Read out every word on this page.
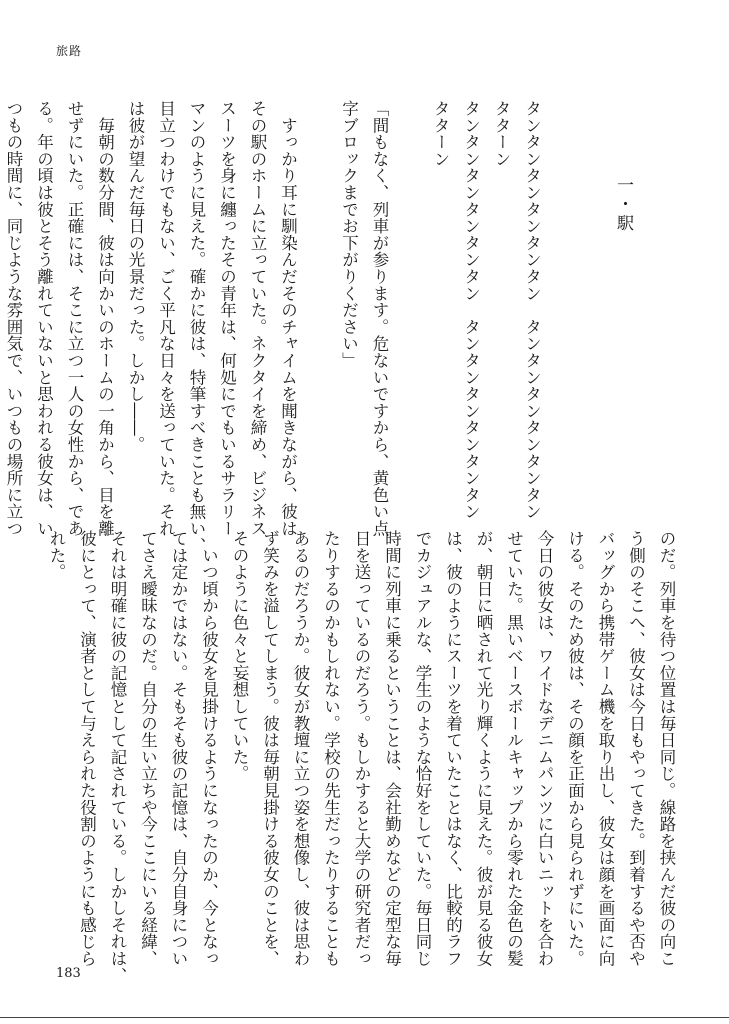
旅路

　　　　一・駅

タンタンタンタンタンタン　タンタンタンタンタンタン
タターン
タンタンタンタンタンタン　タンタンタンタンタンタン
タターン

「間もなく、列車が参ります。危ないですから、黄色い点
字ブロックまでお下がりください」

　すっかり耳に馴染んだそのチャイムを聞きながら、彼は
その駅のホームに立っていた。ネクタイを締め、ビジネス
スーツを身に纏ったその青年は、何処にでもいるサラリー
マンのように見えた。確かに彼は、特筆すべきことも無い、
目立つわけでもない、ごく平凡な日々を送っていた。それ
は彼が望んだ毎日の光景だった。しかし――。
　毎朝の数分間、彼は向かいのホームの一角から、目を離
せずにいた。正確には、そこに立つ一人の女性から、であ
る。年の頃は彼とそう離れていないと思われる彼女は、い
つもの時間に、同じような雰囲気で、いつもの場所に立つ
のだ。列車を待つ位置は毎日同じ。線路を挟んだ彼の向こ
う側のそこへ、彼女は今日もやってきた。到着するや否や
バッグから携帯ゲーム機を取り出し、彼女は顔を画面に向
ける。そのため彼は、その顔を正面から見られずにいた。
今日の彼女は、ワイドなデニムパンツに白いニットを合わ
せていた。黒いベースボールキャップから零れた金色の髪
が、朝日に晒されて光り輝くように見えた。彼が見る彼女
は、彼のようにスーツを着ていたことはなく、比較的ラフ
でカジュアルな、学生のような恰好をしていた。毎日同じ
時間に列車に乗るということは、会社勤めなどの定型な毎
日を送っているのだろう。もしかすると大学の研究者だっ
たりするのかもしれない。学校の先生だったりすることも
あるのだろうか。彼女が教壇に立つ姿を想像し、彼は思わ
ず笑みを溢してしまう。彼は毎朝見掛ける彼女のことを、
そのように色々と妄想していた。
　いつ頃から彼女を見掛けるようになったのか、今となっ
ては定かではない。そもそも彼の記憶は、自分自身につい
てさえ曖昧なのだ。自分の生い立ちや今ここにいる経緯、
それは明確に彼の記憶として記されている。しかしそれは、
彼にとって、演者として与えられた役割のようにも感じら
れた。
183
